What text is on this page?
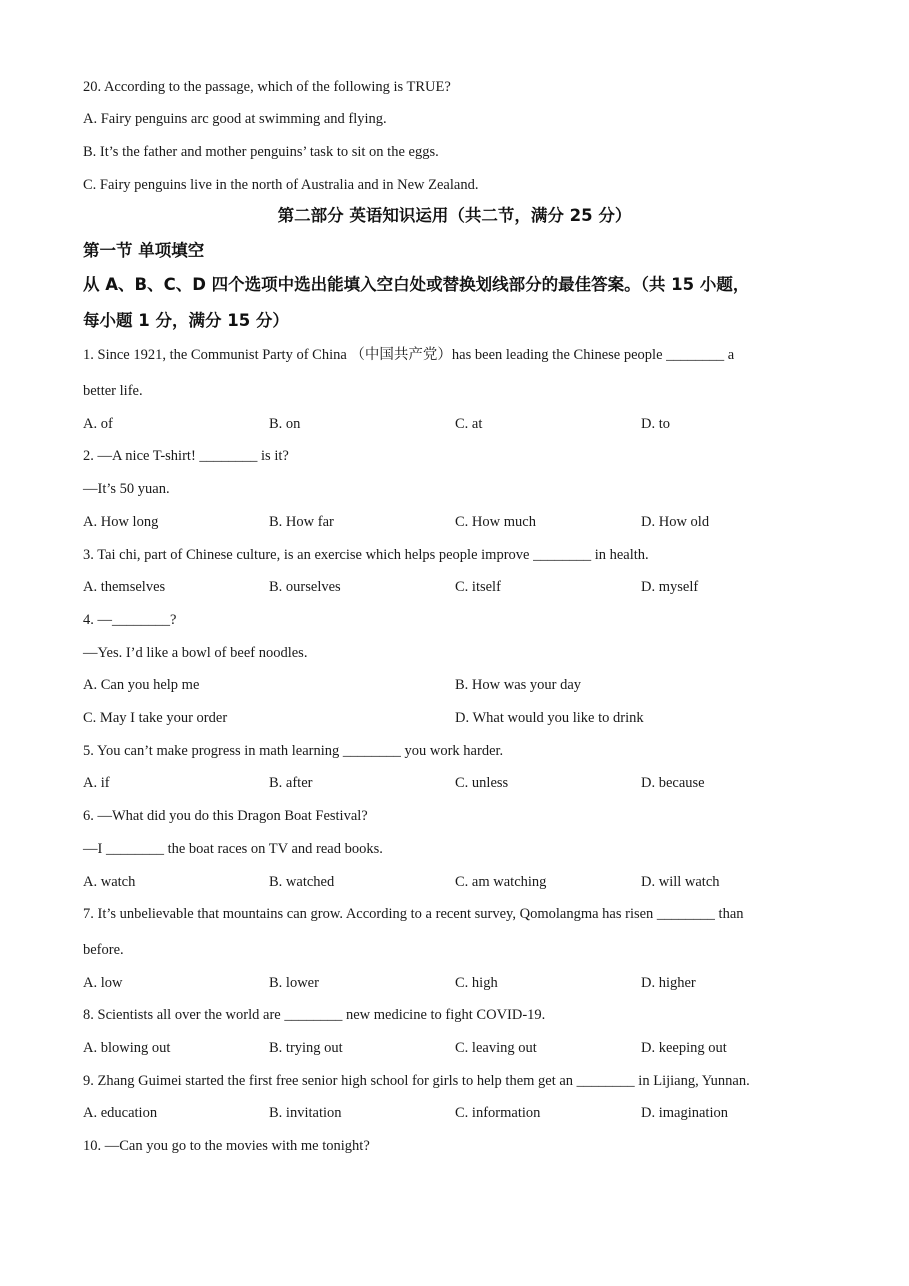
20. According to the passage, which of the following is TRUE?
A. Fairy penguins arc good at swimming and flying.
B. It’s the father and mother penguins’ task to sit on the eggs.
C. Fairy penguins live in the north of Australia and in New Zealand.
第二部分 英语知识运用（共二节，满分 25 分）
第一节 单项填空
从 A、B、C、D 四个选项中选出能填入空白处或替换划线部分的最佳答案。（共 15 小题，
每小题 1 分，满分 15 分）
1. Since 1921, the Communist Party of China （中国共产党）has been leading the Chinese people ________ a
better life.
A. of	B. on	C. at	D. to
2. —A nice T-shirt! ________ is it?
—It’s 50 yuan.
A. How long	B. How far	C. How much	D. How old
3. Tai chi, part of Chinese culture, is an exercise which helps people improve ________ in health.
A. themselves	B. ourselves	C. itself	D. myself
4. —________?
—Yes. I’d like a bowl of beef noodles.
A. Can you help me	B. How was your day
C. May I take your order	D. What would you like to drink
5. You can’t make progress in math learning ________ you work harder.
A. if	B. after	C. unless	D. because
6. —What did you do this Dragon Boat Festival?
—I ________ the boat races on TV and read books.
A. watch	B. watched	C. am watching	D. will watch
7. It’s unbelievable that mountains can grow. According to a recent survey, Qomolangma has risen ________ than
before.
A. low	B. lower	C. high	D. higher
8. Scientists all over the world are ________ new medicine to fight COVID-19.
A. blowing out	B. trying out	C. leaving out	D. keeping out
9. Zhang Guimei started the first free senior high school for girls to help them get an ________ in Lijiang, Yunnan.
A. education	B. invitation	C. information	D. imagination
10. —Can you go to the movies with me tonight?
